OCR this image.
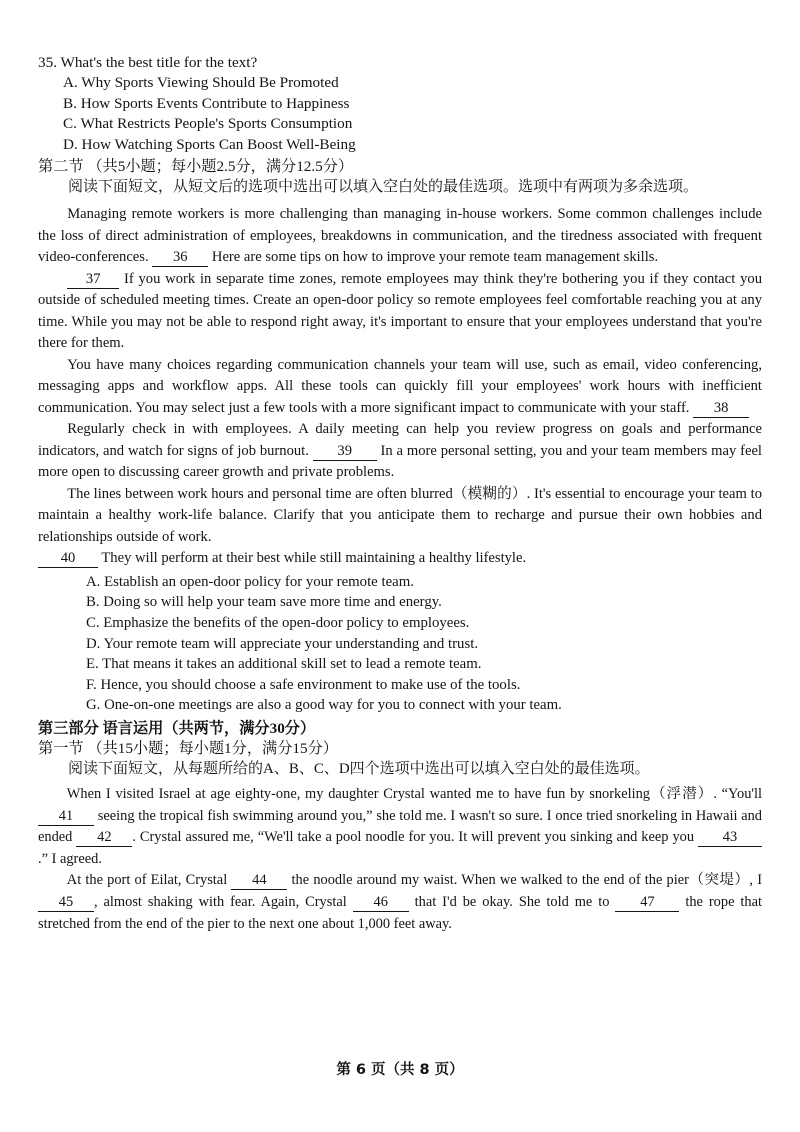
35. What's the best title for the text?

A. Why Sports Viewing Should Be Promoted
B. How Sports Events Contribute to Happiness
C. What Restricts People's Sports Consumption
D. How Watching Sports Can Boost Well-Being

第二节 （共5小题；每小题2.5分，满分12.5分）

阅读下面短文，从短文后的选项中选出可以填入空白处的最佳选项。选项中有两项为多余选项。

Managing remote workers is more challenging than managing in-house workers. Some common challenges include the loss of direct administration of employees, breakdowns in communication, and the tiredness associated with frequent video-conferences. 36 Here are some tips on how to improve your remote team management skills.

37 If you work in separate time zones, remote employees may think they're bothering you if they contact you outside of scheduled meeting times. Create an open-door policy so remote employees feel comfortable reaching you at any time. While you may not be able to respond right away, it's important to ensure that your employees understand that you're there for them.

You have many choices regarding communication channels your team will use, such as email, video conferencing, messaging apps and workflow apps. All these tools can quickly fill your employees' work hours with inefficient communication. You may select just a few tools with a more significant impact to communicate with your staff. 38

Regularly check in with employees. A daily meeting can help you review progress on goals and performance indicators, and watch for signs of job burnout. 39 In a more personal setting, you and your team members may feel more open to discussing career growth and private problems.

The lines between work hours and personal time are often blurred（模糊的）. It's essential to encourage your team to maintain a healthy work-life balance. Clarify that you anticipate them to recharge and pursue their own hobbies and relationships outside of work.

40 They will perform at their best while still maintaining a healthy lifestyle.

A. Establish an open-door policy for your remote team.
B. Doing so will help your team save more time and energy.
C. Emphasize the benefits of the open-door policy to employees.
D. Your remote team will appreciate your understanding and trust.
E. That means it takes an additional skill set to lead a remote team.
F. Hence, you should choose a safe environment to make use of the tools.
G. One-on-one meetings are also a good way for you to connect with your team.

第三部分 语言运用（共两节，满分30分）

第一节 （共15小题；每小题1分，满分15分）

阅读下面短文，从每题所给的A、B、C、D四个选项中选出可以填入空白处的最佳选项。

When I visited Israel at age eighty-one, my daughter Crystal wanted me to have fun by snorkeling（浮潜）. “You'll 41 seeing the tropical fish swimming around you,” she told me. I wasn't so sure. I once tried snorkeling in Hawaii and ended 42 . Crystal assured me, “We'll take a pool noodle for you. It will prevent you sinking and keep you 43.” I agreed.

At the port of Eilat, Crystal 44 the noodle around my waist. When we walked to the end of the pier（突堤）, I 45 , almost shaking with fear. Again, Crystal 46 that I'd be okay. She told me to 47 the rope that stretched from the end of the pier to the next one about 1,000 feet away.

第 6 页（共 8 页）
